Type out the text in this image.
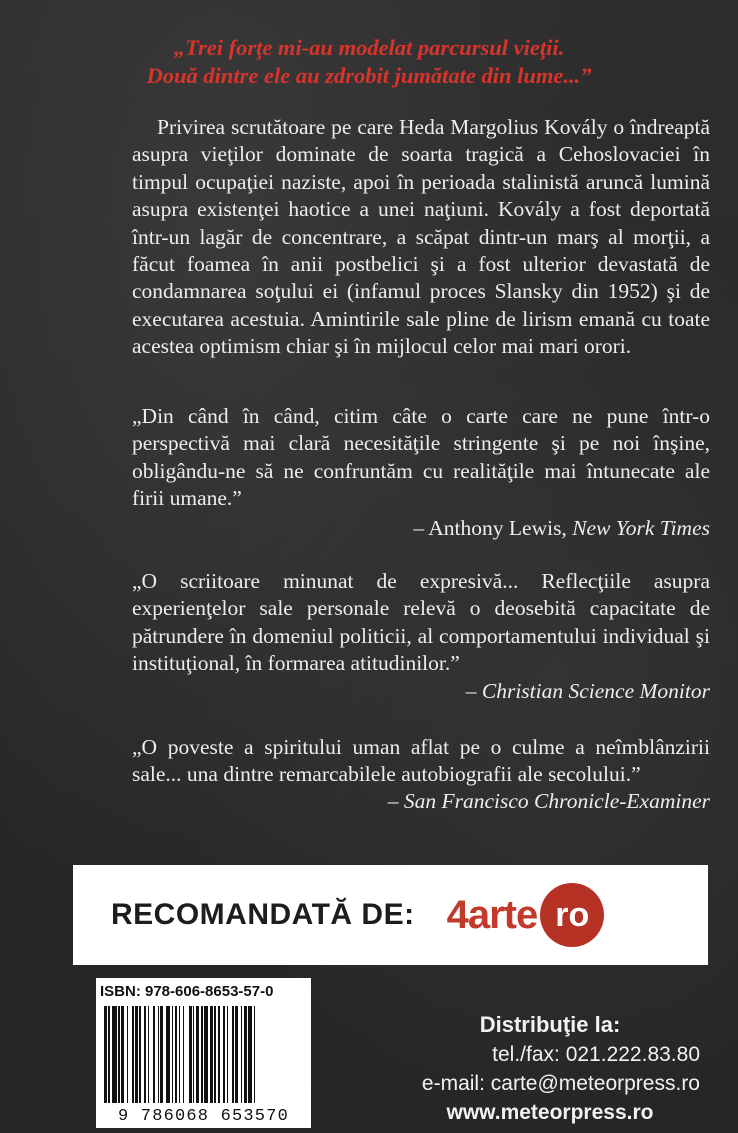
„Trei forţe mi-au modelat parcursul vieţii.
Două dintre ele au zdrobit jumătate din lume...”
Privirea scrutătoare pe care Heda Margolius Kovály o îndreaptă asupra vieţilor dominate de soarta tragică a Cehoslovaciei în timpul ocupaţiei naziste, apoi în perioada stalinistă aruncă lumină asupra existenţei haotice a unei naţiuni. Kovály a fost deportată într-un lagăr de concentrare, a scăpat dintr-un marş al morţii, a făcut foamea în anii postbelici şi a fost ulterior devastată de condamnarea soţului ei (infamul proces Slansky din 1952) şi de executarea acestuia. Amintirile sale pline de lirism emană cu toate acestea optimism chiar şi în mijlocul celor mai mari orori.
„Din când în când, citim câte o carte care ne pune într-o perspectivă mai clară necesităţile stringente şi pe noi înşine, obligându-ne să ne confruntăm cu realităţile mai întunecate ale firii umane.”
– Anthony Lewis, New York Times
„O scriitoare minunat de expresivă... Reflecţiile asupra experienţelor sale personale relevă o deosebită capacitate de pătrundere în domeniul politicii, al comportamentului individual şi instituţional, în formarea atitudinilor.”
– Christian Science Monitor
„O poveste a spiritului uman aflat pe o culme a neîmblânzirii sale... una dintre remarcabilele autobiografii ale secolului.”
– San Francisco Chronicle-Examiner
RECOMANDATĂ DE: 4arte ro
ISBN: 978-606-8653-57-0
9 786068 653570
Distribuţie la:
tel./fax: 021.222.83.80
e-mail: carte@meteorpress.ro
www.meteorpress.ro
